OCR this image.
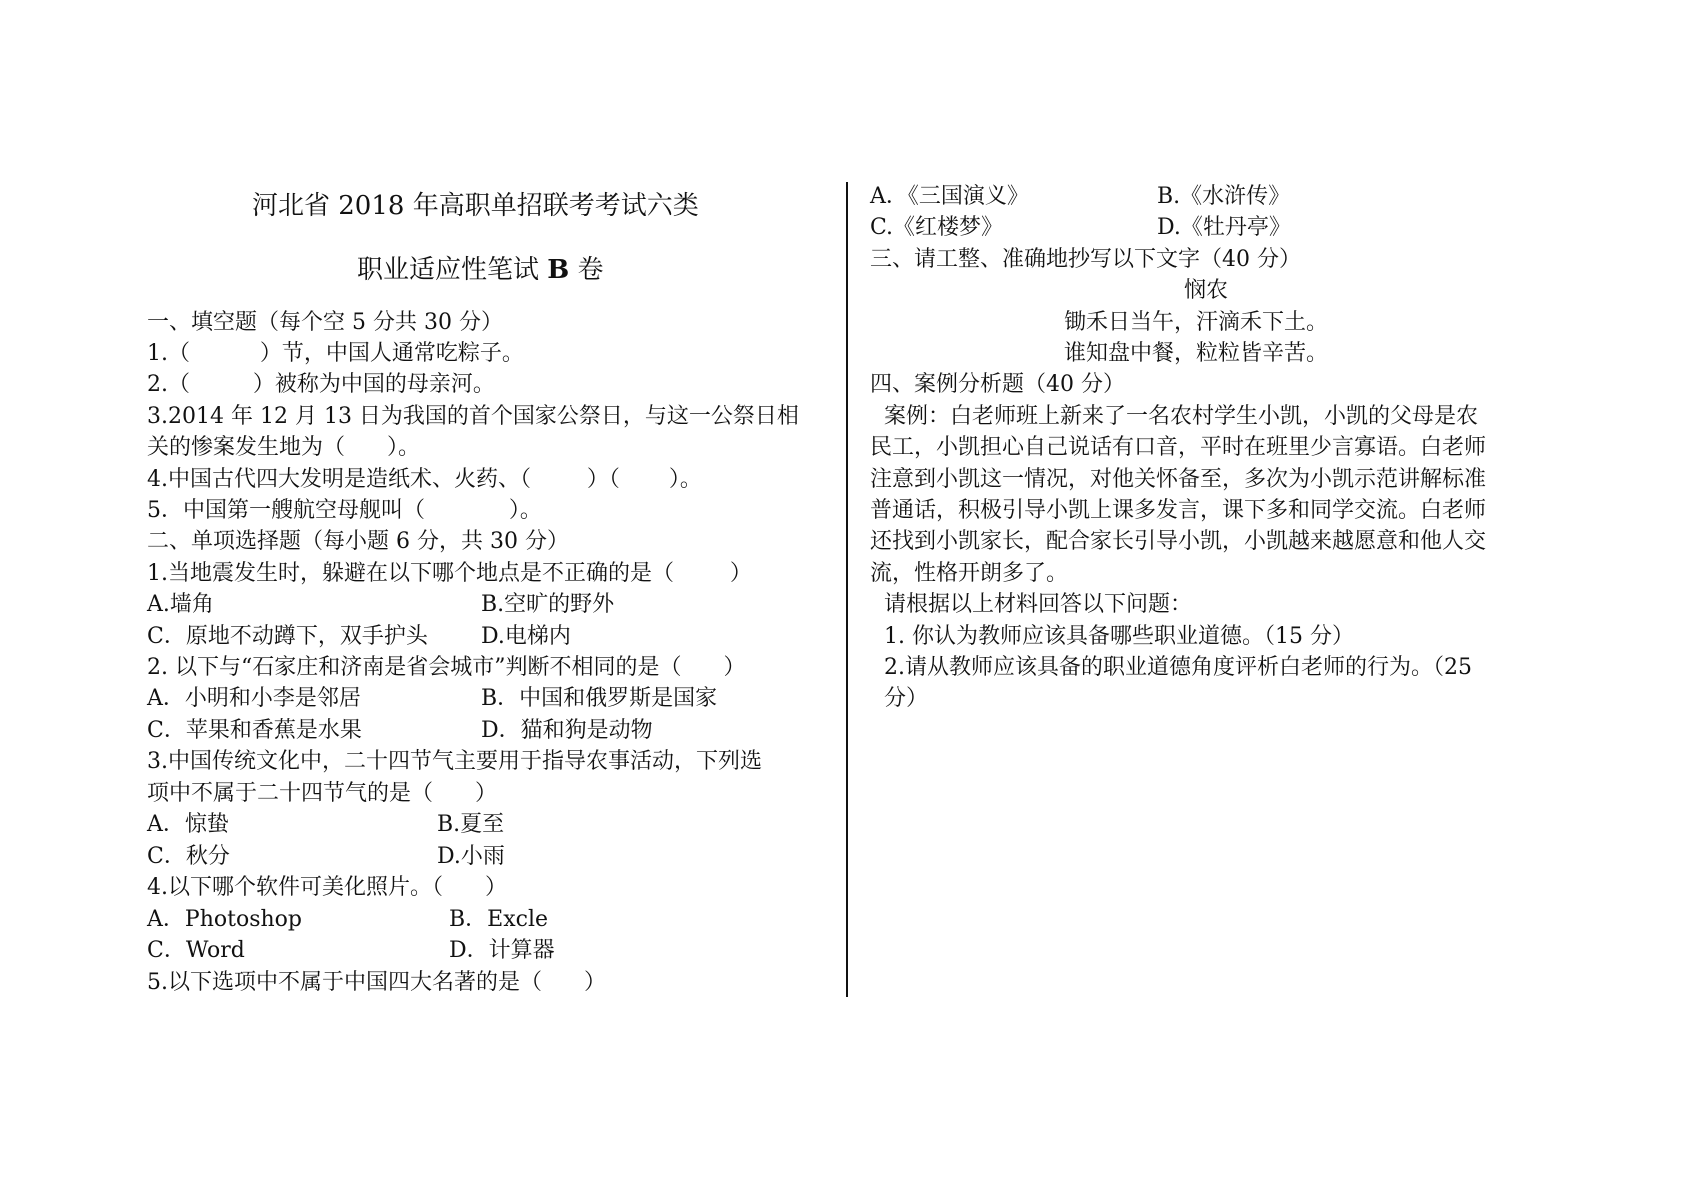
河北省 2018 年高职单招联考考试六类
职业适应性笔试 B 卷
一、填空题（每个空 5 分共 30 分）
1.（          ）节，中国人通常吃粽子。
2.（         ）被称为中国的母亲河。
3.2014 年 12 月 13 日为我国的首个国家公祭日，与这一公祭日相
关的惨案发生地为（      ）。
4.中国古代四大发明是造纸术、火药、（        ）（       ）。
5．中国第一艘航空母舰叫（            ）。
二、单项选择题（每小题 6 分，共 30 分）
1.当地震发生时，躲避在以下哪个地点是不正确的是（        ）
A.墙角	B.空旷的野外
C．原地不动蹲下，双手护头 D.电梯内
2. 以下与“石家庄和济南是省会城市”判断不相同的是（      ）
A．小明和小李是邻居	B．中国和俄罗斯是国家
C．苹果和香蕉是水果	D．猫和狗是动物
3.中国传统文化中，二十四节气主要用于指导农事活动，下列选
项中不属于二十四节气的是（      ）
A．惊蛰	B.夏至
C．秋分	D.小雨
4.以下哪个软件可美化照片。（      ）
A．Photoshop	B．Excle
C．Word	D．计算器
5.以下选项中不属于中国四大名著的是（      ）
A．《三国演义》	B.《水浒传》
C.《红楼梦》	D.《牡丹亭》
三、请工整、准确地抄写以下文字（40 分）
悯农
锄禾日当午，汗滴禾下土。
谁知盘中餐，粒粒皆辛苦。
四、案例分析题（40 分）
案例：白老师班上新来了一名农村学生小凯，小凯的父母是农
民工，小凯担心自己说话有口音，平时在班里少言寡语。白老师
注意到小凯这一情况，对他关怀备至，多次为小凯示范讲解标准
普通话，积极引导小凯上课多发言，课下多和同学交流。白老师
还找到小凯家长，配合家长引导小凯，小凯越来越愿意和他人交
流，性格开朗多了。
请根据以上材料回答以下问题：
1. 你认为教师应该具备哪些职业道德。（15 分）
2.请从教师应该具备的职业道德角度评析白老师的行为。（25
分）
